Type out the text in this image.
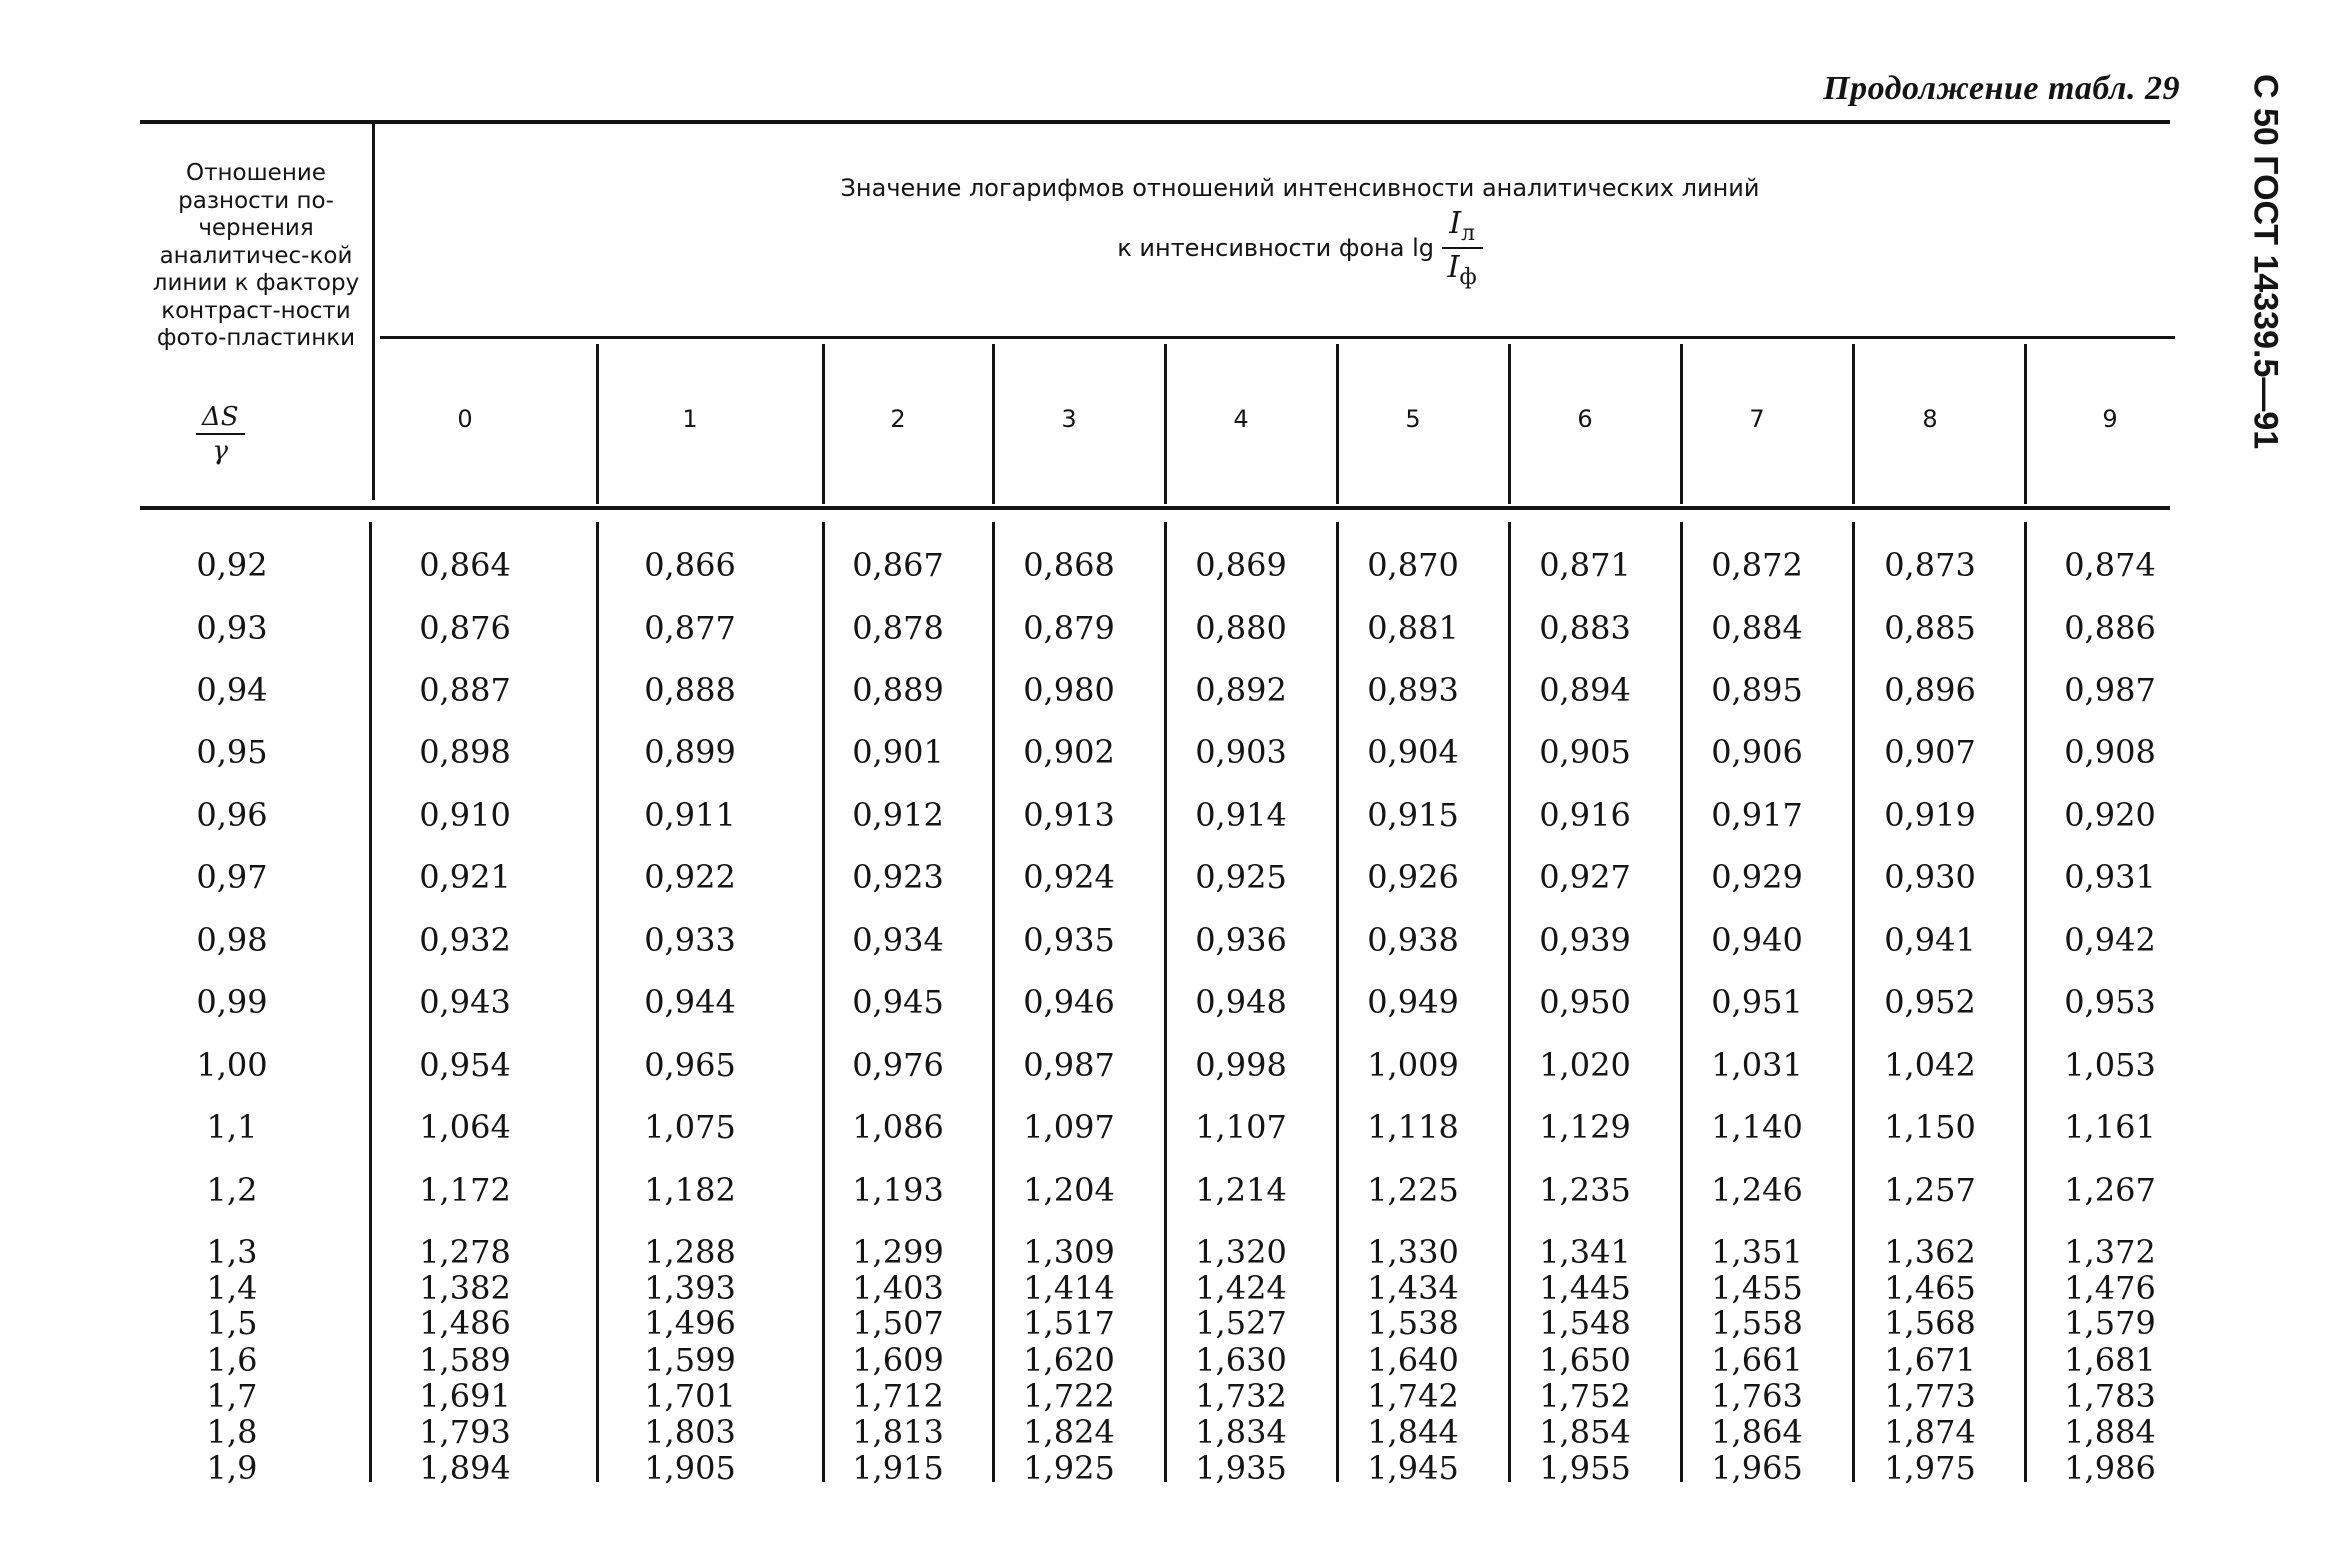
Продолжение табл. 29 С 50 ГОСТ 14339.5—91
Отношение разности по-чернения аналитичес-кой линии к фактору контраст-ности фото-пластинки
$\frac{\Delta S}{\gamma}$
Значение логарифмов отношений интенсивности аналитических линий
к интенсивности фона $\lg \frac{I_л}{I_ф}$
0	1	2	3	4	5	6	7	8	9
0,92	0,864	0,866	0,867	0,868	0,869	0,870	0,871	0,872	0,873	0,874
0,93	0,876	0,877	0,878	0,879	0,880	0,881	0,883	0,884	0,885	0,886
0,94	0,887	0,888	0,889	0,980	0,892	0,893	0,894	0,895	0,896	0,987
0,95	0,898	0,899	0,901	0,902	0,903	0,904	0,905	0,906	0,907	0,908
0,96	0,910	0,911	0,912	0,913	0,914	0,915	0,916	0,917	0,919	0,920
0,97	0,921	0,922	0,923	0,924	0,925	0,926	0,927	0,929	0,930	0,931
0,98	0,932	0,933	0,934	0,935	0,936	0,938	0,939	0,940	0,941	0,942
0,99	0,943	0,944	0,945	0,946	0,948	0,949	0,950	0,951	0,952	0,953
1,00	0,954	0,965	0,976	0,987	0,998	1,009	1,020	1,031	1,042	1,053
1,1	1,064	1,075	1,086	1,097	1,107	1,118	1,129	1,140	1,150	1,161
1,2	1,172	1,182	1,193	1,204	1,214	1,225	1,235	1,246	1,257	1,267
1,3	1,278	1,288	1,299	1,309	1,320	1,330	1,341	1,351	1,362	1,372
1,4	1,382	1,393	1,403	1,414	1,424	1,434	1,445	1,455	1,465	1,476
1,5	1,486	1,496	1,507	1,517	1,527	1,538	1,548	1,558	1,568	1,579
1,6	1,589	1,599	1,609	1,620	1,630	1,640	1,650	1,661	1,671	1,681
1,7	1,691	1,701	1,712	1,722	1,732	1,742	1,752	1,763	1,773	1,783
1,8	1,793	1,803	1,813	1,824	1,834	1,844	1,854	1,864	1,874	1,884
1,9	1,894	1,905	1,915	1,925	1,935	1,945	1,955	1,965	1,975	1,986
